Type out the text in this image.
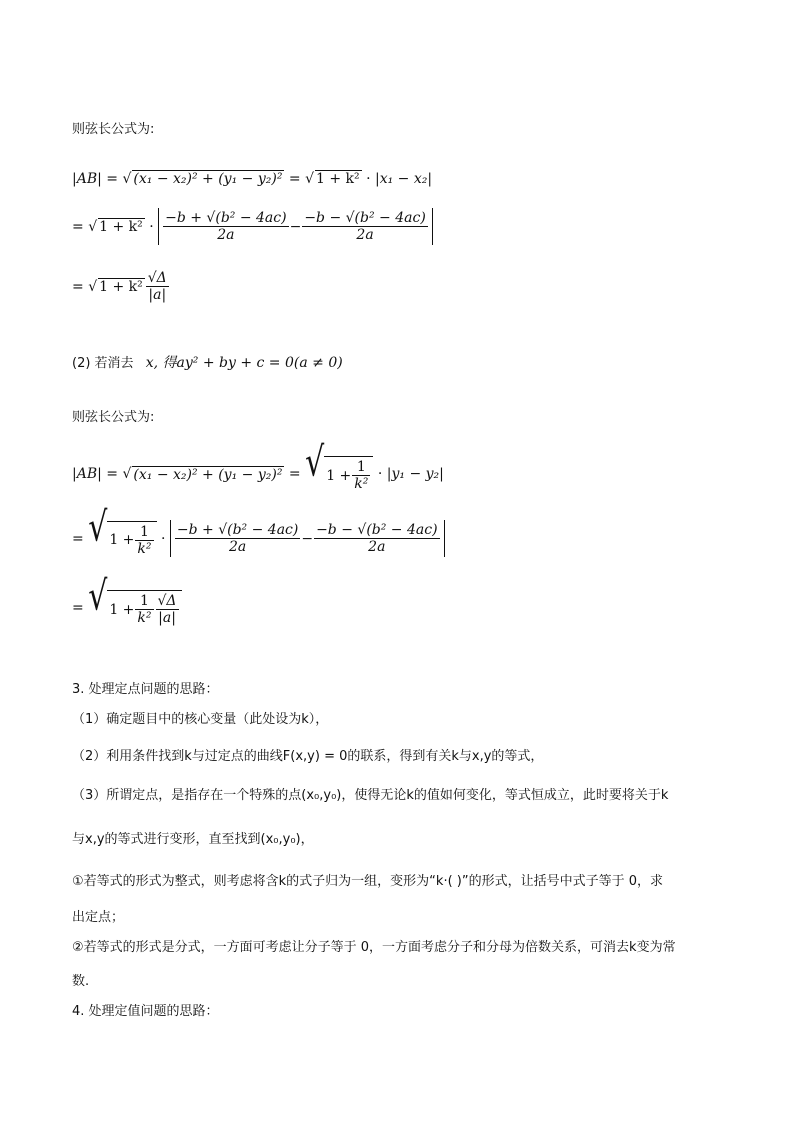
则弦长公式为:
|AB| = √ (x₁ − x₂)² + (y₁ − y₂)² = √ 1 + k² · |x₁ − x₂|
= √ $1 + k^2 \cdot \frac{\text{−b + √(b² − 4ac)}}{2a} - \frac{\text{−b − √(b² − 4ac)}}{2a}$
= √ $1 + k^2 \frac{√\Delta}{|a|}$
(2) 若消去 x, 得ay² + by + c = 0(a ≠ 0)
则弦长公式为:
|AB| = √ (x₁ − x₂)² + (y₁ − y₂)² = √ $1 + \frac{1}{\text{k²}} \cdot |y_1 - y_2|$
= √ $1 + \frac{1}{\text{k²}} \cdot \frac{\text{−b + √(b² − 4ac)}}{2a} - \frac{\text{−b − √(b² − 4ac)}}{2a}$
= √ $1 + \frac{1}{\text{k²}} \frac{√\Delta}{|a|}$
3. 处理定点问题的思路：
（1）确定题目中的核心变量（此处设为k），
（2）利用条件找到k与过定点的曲线F(x,y) = 0的联系，得到有关k与x,y的等式，
（3）所谓定点，是指存在一个特殊的点(x₀,y₀)，使得无论k的值如何变化，等式恒成立，此时要将关于k
与x,y的等式进行变形，直至找到(x₀,y₀)，
①若等式的形式为整式，则考虑将含k的式子归为一组，变形为“k·( )”的形式，让括号中式子等于 0，求
出定点；
②若等式的形式是分式，一方面可考虑让分子等于 0，一方面考虑分子和分母为倍数关系，可消去k变为常
数.
4. 处理定值问题的思路：
